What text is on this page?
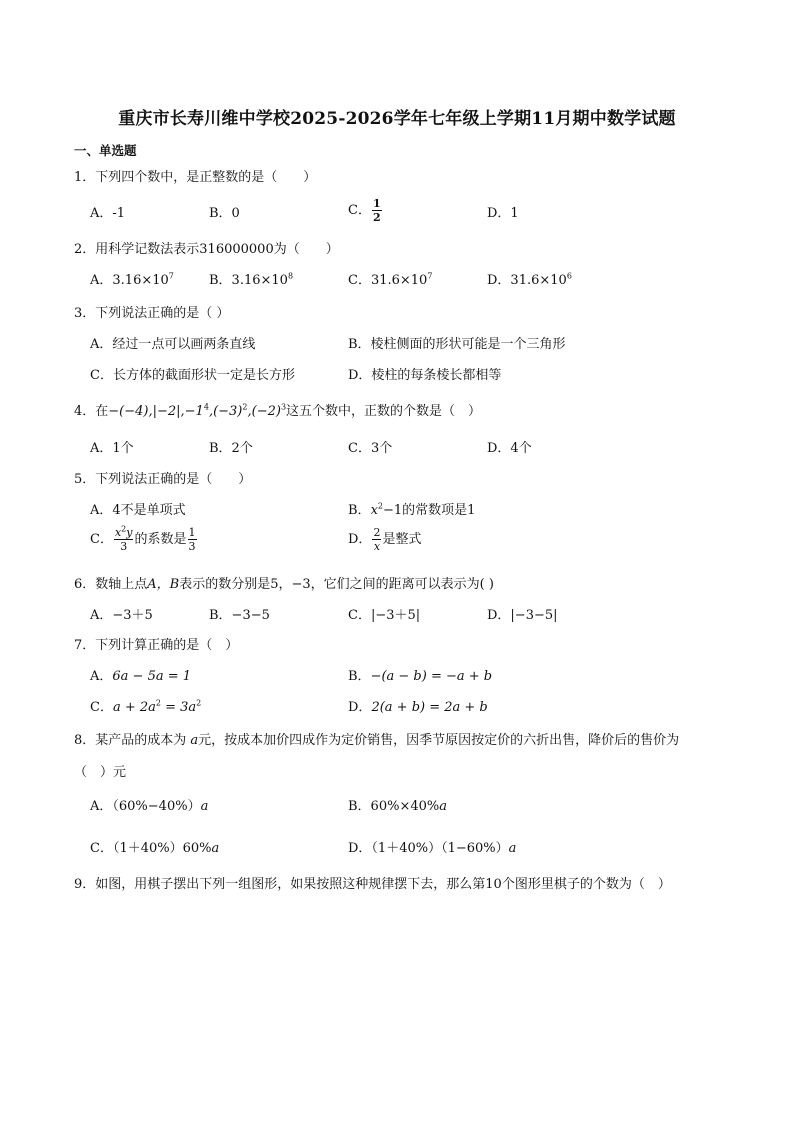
重庆市长寿川维中学校2025-2026学年七年级上学期11月期中数学试题
一、单选题
1．下列四个数中，是正整数的是（　　）
A．-1	B．0	C． $\frac{1}{2}$	D．1
2．用科学记数法表示316000000为（　　）
A．$3.16\times 10^7$	B．$3.16\times 10^8$	C．$31.6\times 10^7$	D．$31.6\times 10^6$
3．下列说法正确的是（ ）
A．经过一点可以画两条直线	B．棱柱侧面的形状可能是一个三角形
C．长方体的截面形状一定是长方形	D．棱柱的每条棱长都相等
4．在$-(-4),|-2|,-1^4,(-3)^2,(-2)^3$这五个数中，正数的个数是（　）
A．1个	B．2个	C．3个	D．4个
5．下列说法正确的是（　　）
A．4不是单项式	B．$x^2-1$的常数项是1
C． $\frac{x^2y}{3}$ 的系数是 $\frac{1}{3}$	D． $\frac{2}{x}$ 是整式
6．数轴上点A，B表示的数分别是5，−3，它们之间的距离可以表示为( )
A．−3＋5	B．−3−5	C．|−3＋5|	D．|−3−5|
7．下列计算正确的是（　）
A．6a − 5a = 1	B．−(a − b) = −a + b
C．$a + 2a^2 = 3a^2$	D．2(a + b) = 2a + b
8．某产品的成本为 a元，按成本加价四成作为定价销售，因季节原因按定价的六折出售，降价后的售价为
（　）元
A．（60%−40%）a	B．60%×40%a
C．（1＋40%）60%a	D．（1＋40%）（1−60%）a
9．如图，用棋子摆出下列一组图形，如果按照这种规律摆下去，那么第10个图形里棋子的个数为（　）
